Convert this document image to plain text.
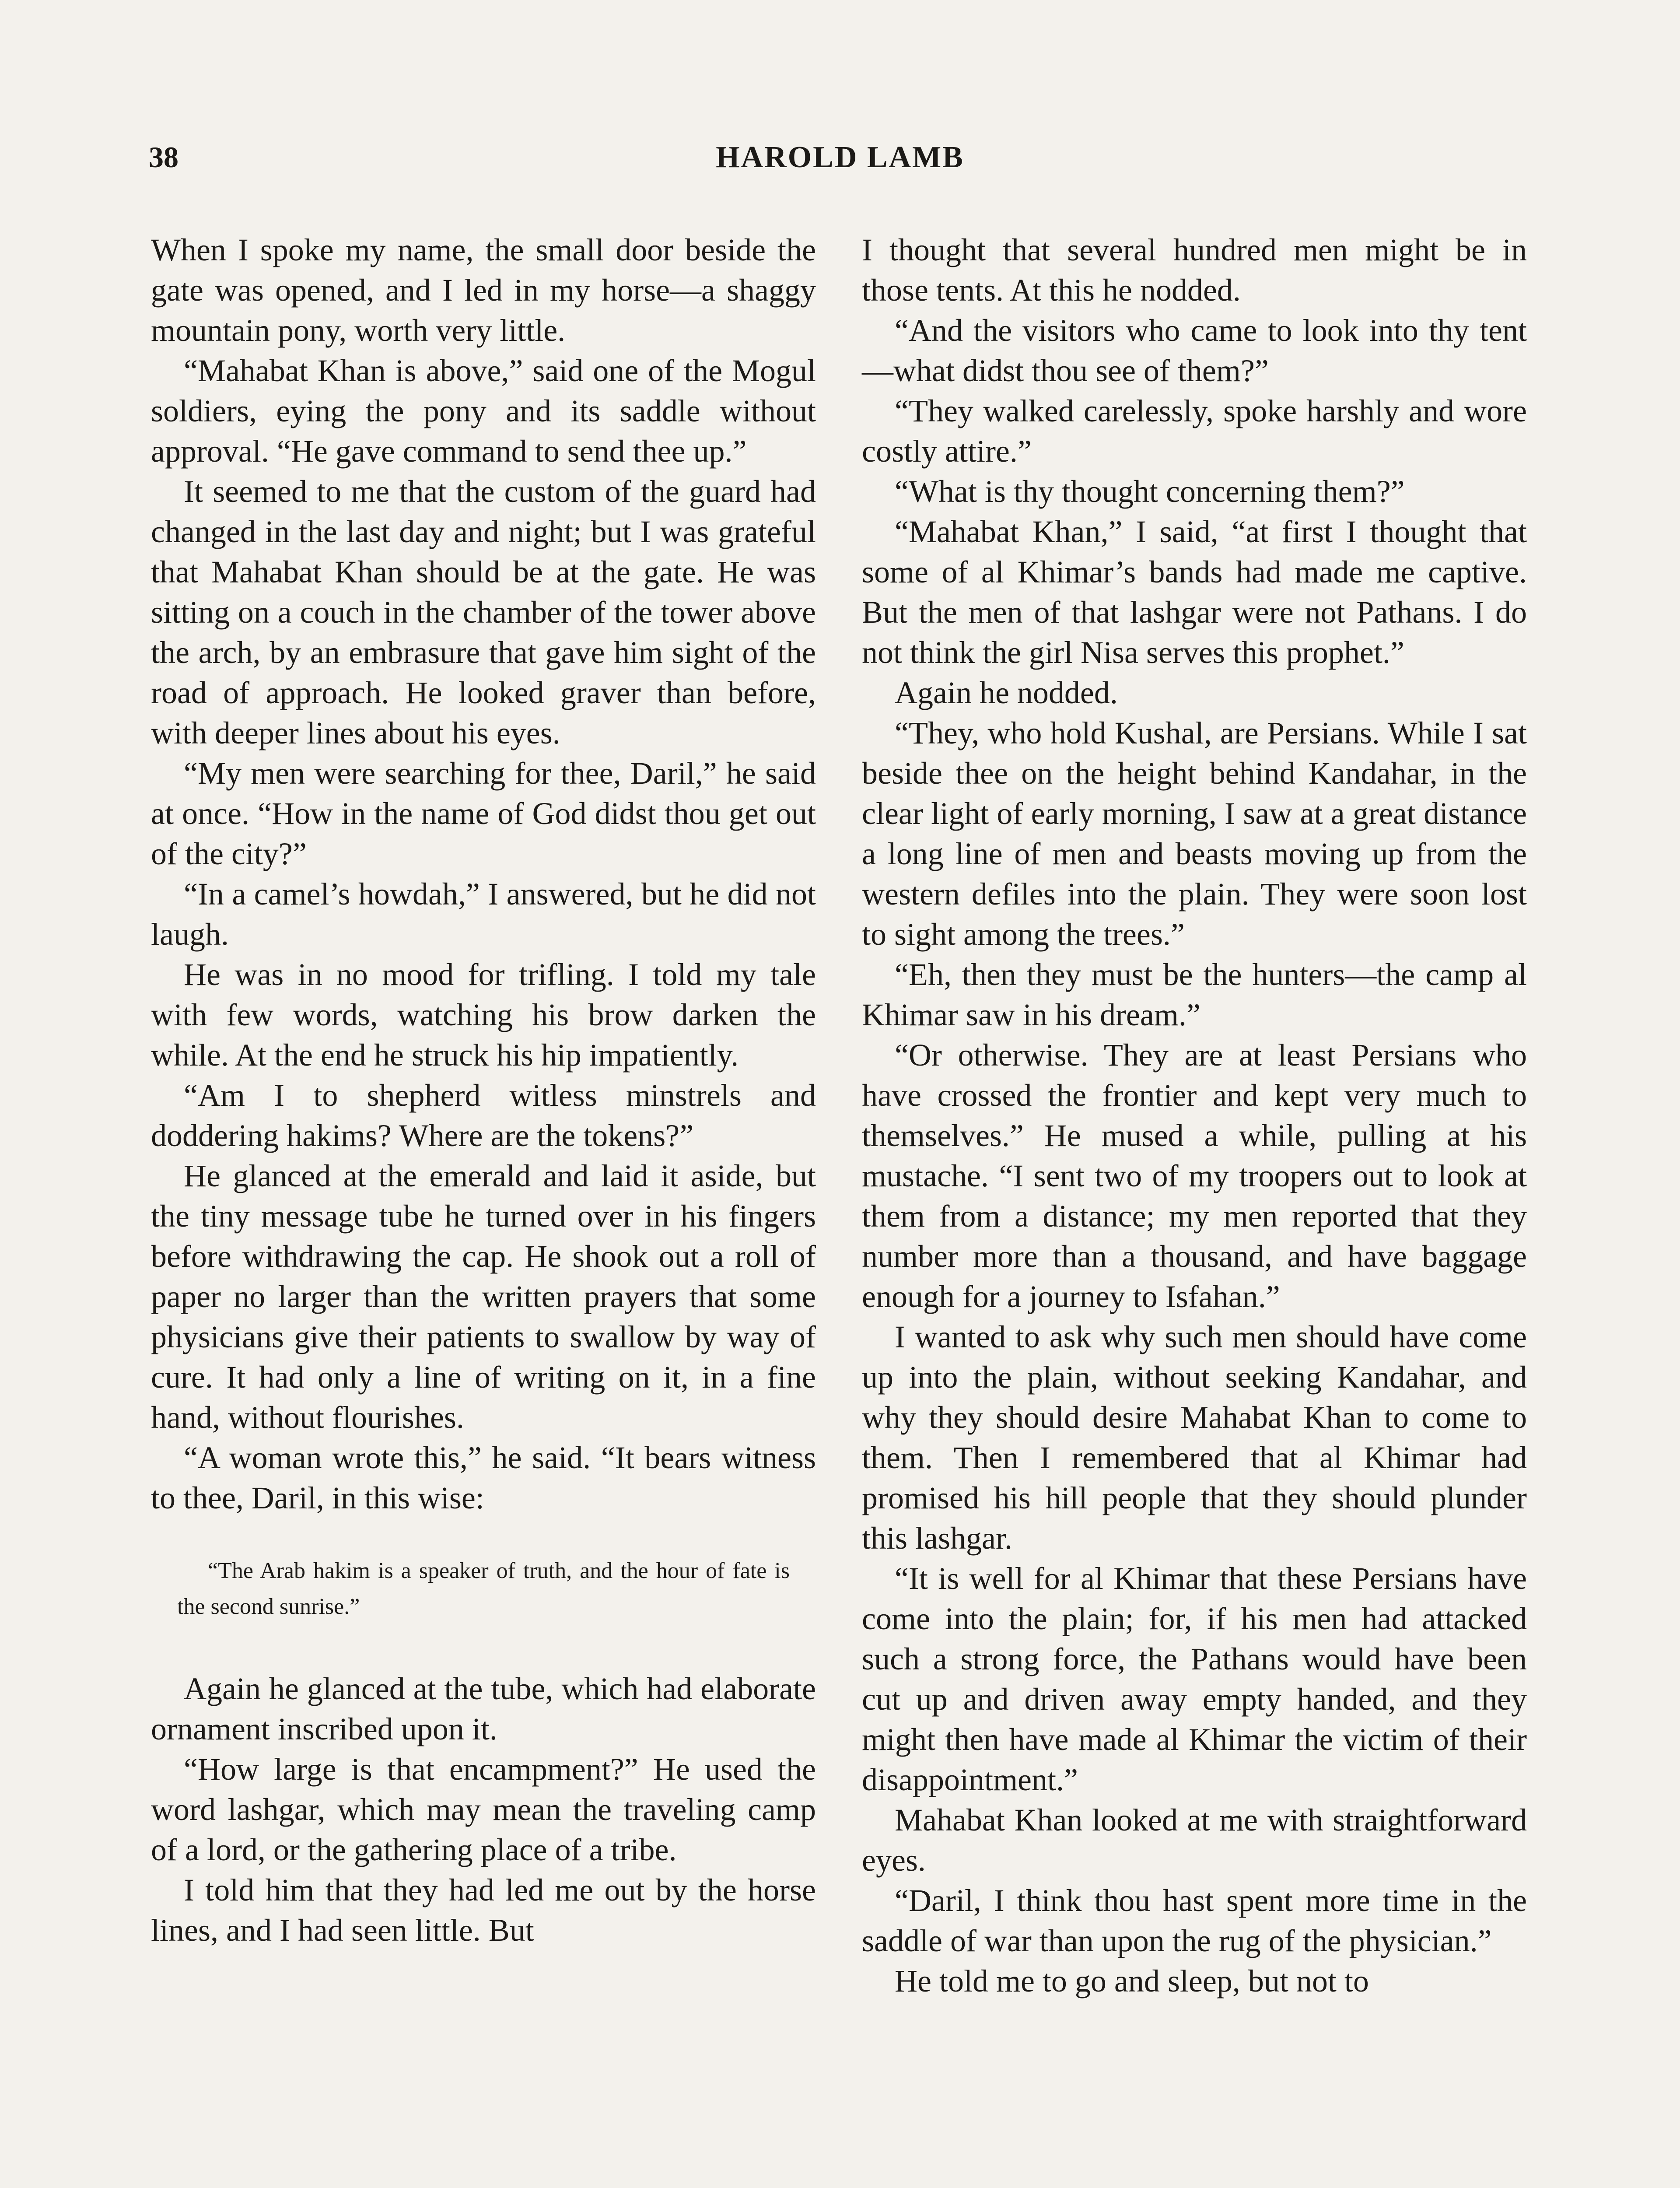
38	HAROLD LAMB

When I spoke my name, the small door beside the gate was opened, and I led in my horse—a shaggy mountain pony, worth very little.

“Mahabat Khan is above,” said one of the Mogul soldiers, eying the pony and its saddle without approval. “He gave command to send thee up.”

It seemed to me that the custom of the guard had changed in the last day and night; but I was grateful that Mahabat Khan should be at the gate. He was sitting on a couch in the chamber of the tower above the arch, by an embrasure that gave him sight of the road of approach. He looked graver than before, with deeper lines about his eyes.

“My men were searching for thee, Daril,” he said at once. “How in the name of God didst thou get out of the city?”

“In a camel’s howdah,” I answered, but he did not laugh.

He was in no mood for trifling. I told my tale with few words, watching his brow darken the while. At the end he struck his hip impatiently.

“Am I to shepherd witless minstrels and doddering hakims? Where are the tokens?”

He glanced at the emerald and laid it aside, but the tiny message tube he turned over in his fingers before withdrawing the cap. He shook out a roll of paper no larger than the written prayers that some physicians give their patients to swallow by way of cure. It had only a line of writing on it, in a fine hand, without flourishes.

“A woman wrote this,” he said. “It bears witness to thee, Daril, in this wise:

“The Arab hakim is a speaker of truth, and the hour of fate is the second sunrise.”

Again he glanced at the tube, which had elaborate ornament inscribed upon it.

“How large is that encampment?” He used the word lashgar, which may mean the traveling camp of a lord, or the gathering place of a tribe.

I told him that they had led me out by the horse lines, and I had seen little. But

I thought that several hundred men might be in those tents. At this he nodded.

“And the visitors who came to look into thy tent—what didst thou see of them?”

“They walked carelessly, spoke harshly and wore costly attire.”

“What is thy thought concerning them?”

“Mahabat Khan,” I said, “at first I thought that some of al Khimar’s bands had made me captive. But the men of that lashgar were not Pathans. I do not think the girl Nisa serves this prophet.”

Again he nodded.

“They, who hold Kushal, are Persians. While I sat beside thee on the height behind Kandahar, in the clear light of early morning, I saw at a great distance a long line of men and beasts moving up from the western defiles into the plain. They were soon lost to sight among the trees.”

“Eh, then they must be the hunters—the camp al Khimar saw in his dream.”

“Or otherwise. They are at least Persians who have crossed the frontier and kept very much to themselves.” He mused a while, pulling at his mustache. “I sent two of my troopers out to look at them from a distance; my men reported that they number more than a thousand, and have baggage enough for a journey to Isfahan.”

I wanted to ask why such men should have come up into the plain, without seeking Kandahar, and why they should desire Mahabat Khan to come to them. Then I remembered that al Khimar had promised his hill people that they should plunder this lashgar.

“It is well for al Khimar that these Persians have come into the plain; for, if his men had attacked such a strong force, the Pathans would have been cut up and driven away empty handed, and they might then have made al Khimar the victim of their disappointment.”

Mahabat Khan looked at me with straightforward eyes.

“Daril, I think thou hast spent more time in the saddle of war than upon the rug of the physician.”

He told me to go and sleep, but not to
